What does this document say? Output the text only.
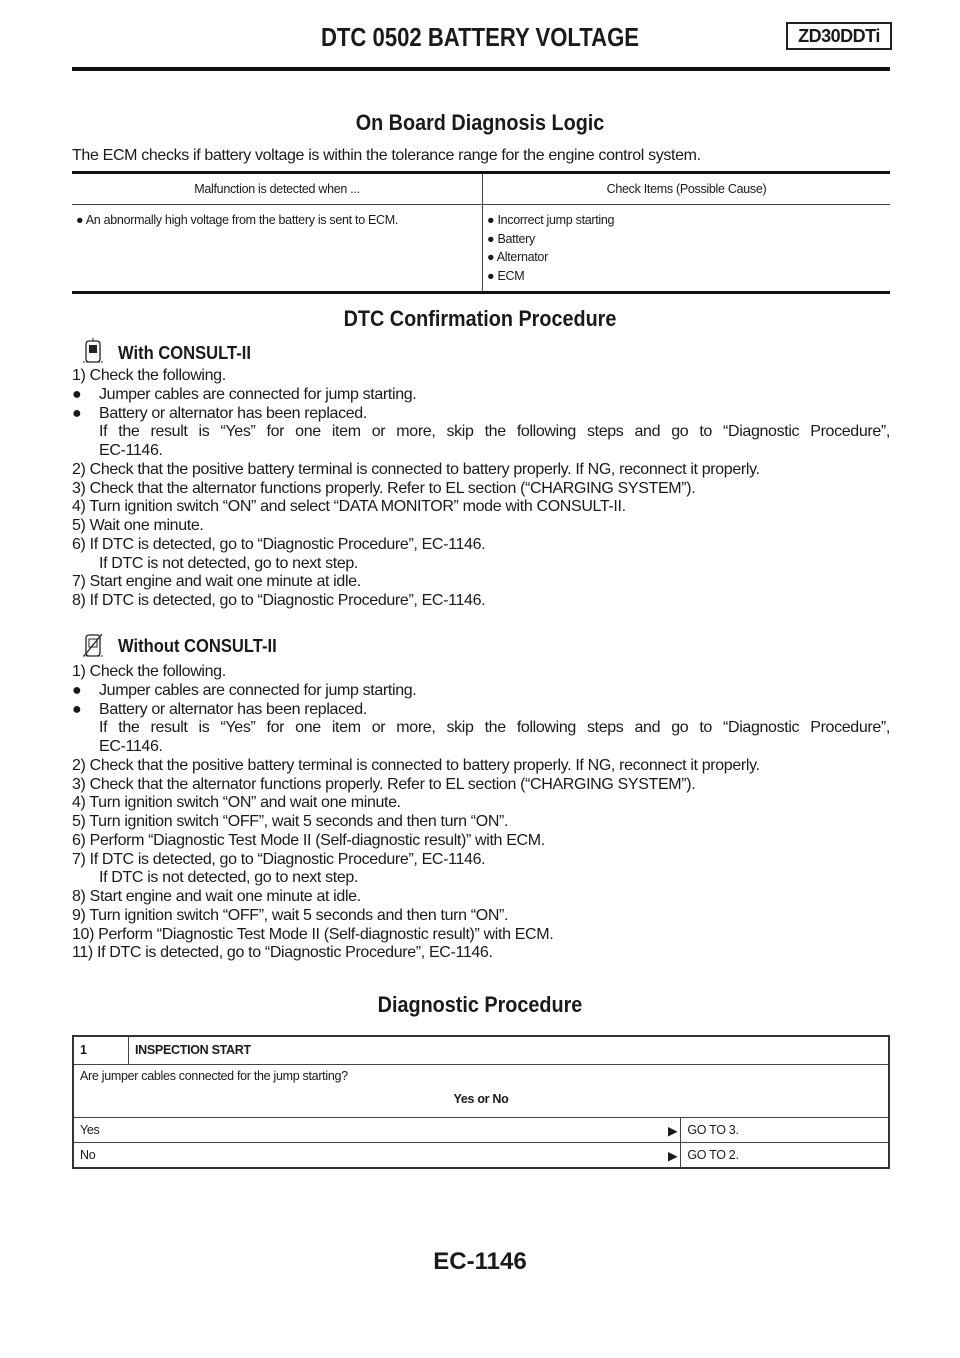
DTC 0502 BATTERY VOLTAGE	ZD30DDTi
On Board Diagnosis Logic
The ECM checks if battery voltage is within the tolerance range for the engine control system.
Malfunction is detected when ...	Check Items (Possible Cause)

● An abnormally high voltage from the battery is sent to ECM.	● Incorrect jump starting
● Battery
● Alternator
● ECM
DTC Confirmation Procedure
With CONSULT-II
1) Check the following.
● Jumper cables are connected for jump starting.
● Battery or alternator has been replaced.
If the result is “Yes” for one item or more, skip the following steps and go to “Diagnostic Procedure”,
EC-1146.
2) Check that the positive battery terminal is connected to battery properly. If NG, reconnect it properly.
3) Check that the alternator functions properly. Refer to EL section (“CHARGING SYSTEM”).
4) Turn ignition switch “ON” and select “DATA MONITOR” mode with CONSULT-II.
5) Wait one minute.
6) If DTC is detected, go to “Diagnostic Procedure”, EC-1146.
If DTC is not detected, go to next step.
7) Start engine and wait one minute at idle.
8) If DTC is detected, go to “Diagnostic Procedure”, EC-1146.
Without CONSULT-II
1) Check the following.
● Jumper cables are connected for jump starting.
● Battery or alternator has been replaced.
If the result is “Yes” for one item or more, skip the following steps and go to “Diagnostic Procedure”,
EC-1146.
2) Check that the positive battery terminal is connected to battery properly. If NG, reconnect it properly.
3) Check that the alternator functions properly. Refer to EL section (“CHARGING SYSTEM”).
4) Turn ignition switch “ON” and wait one minute.
5) Turn ignition switch “OFF”, wait 5 seconds and then turn “ON”.
6) Perform “Diagnostic Test Mode II (Self-diagnostic result)” with ECM.
7) If DTC is detected, go to “Diagnostic Procedure”, EC-1146.
If DTC is not detected, go to next step.
8) Start engine and wait one minute at idle.
9) Turn ignition switch “OFF”, wait 5 seconds and then turn “ON”.
10) Perform “Diagnostic Test Mode II (Self-diagnostic result)” with ECM.
11) If DTC is detected, go to “Diagnostic Procedure”, EC-1146.
Diagnostic Procedure
1	INSPECTION START	

Are jumper cables connected for the jump starting?
Yes or No		

Yes ▶		GO TO 3.
No ▶		GO TO 2.
EC-1146
